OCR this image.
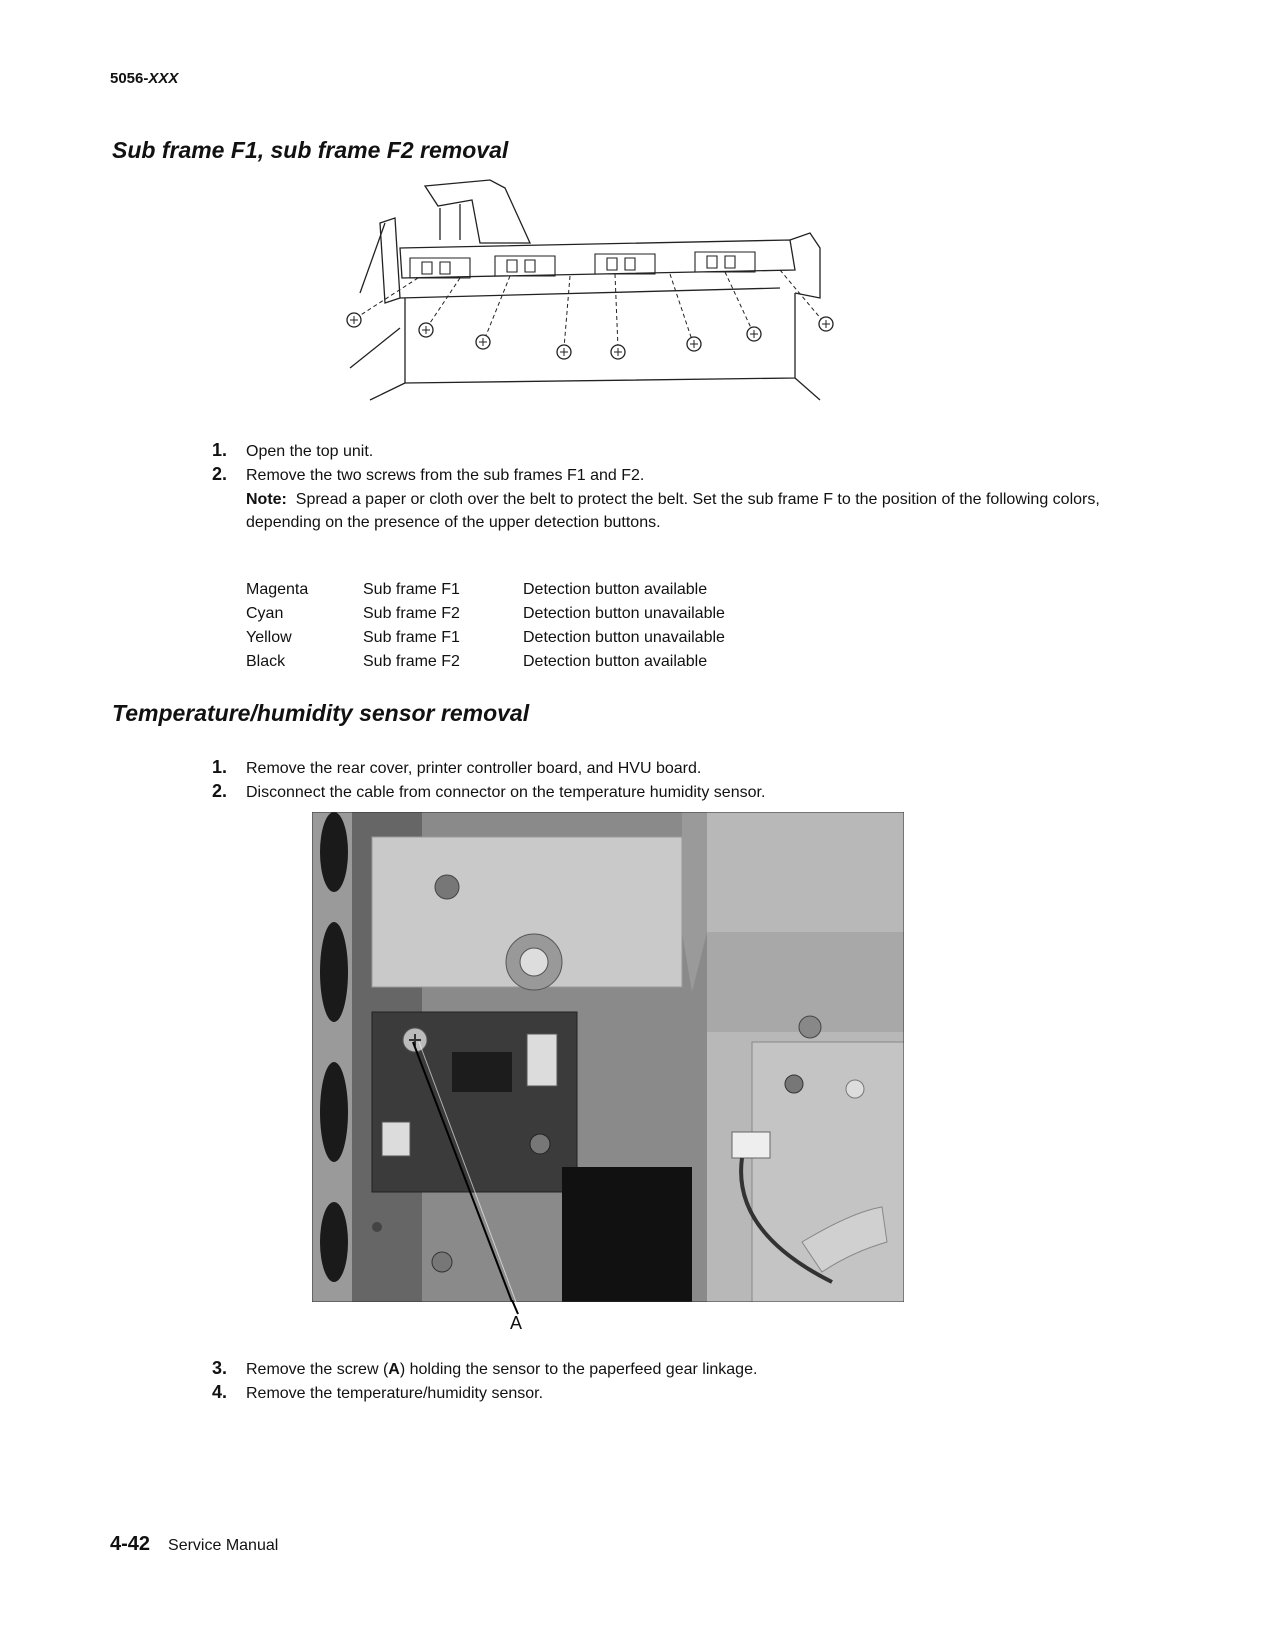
5056-XXX
Sub frame F1, sub frame F2 removal
1.	Open the top unit.
2.	Remove the two screws from the sub frames F1 and F2.
Note: Spread a paper or cloth over the belt to protect the belt. Set the sub frame F to the position of the following colors, depending on the presence of the upper detection buttons.
Magenta	Sub frame F1	Detection button available
Cyan	Sub frame F2	Detection button unavailable
Yellow	Sub frame F1	Detection button unavailable
Black	Sub frame F2	Detection button available
Temperature/humidity sensor removal
1.	Remove the rear cover, printer controller board, and HVU board.
2.	Disconnect the cable from connector on the temperature humidity sensor.
A
3.	Remove the screw (A) holding the sensor to the paperfeed gear linkage.
4.	Remove the temperature/humidity sensor.
4-42 Service Manual
